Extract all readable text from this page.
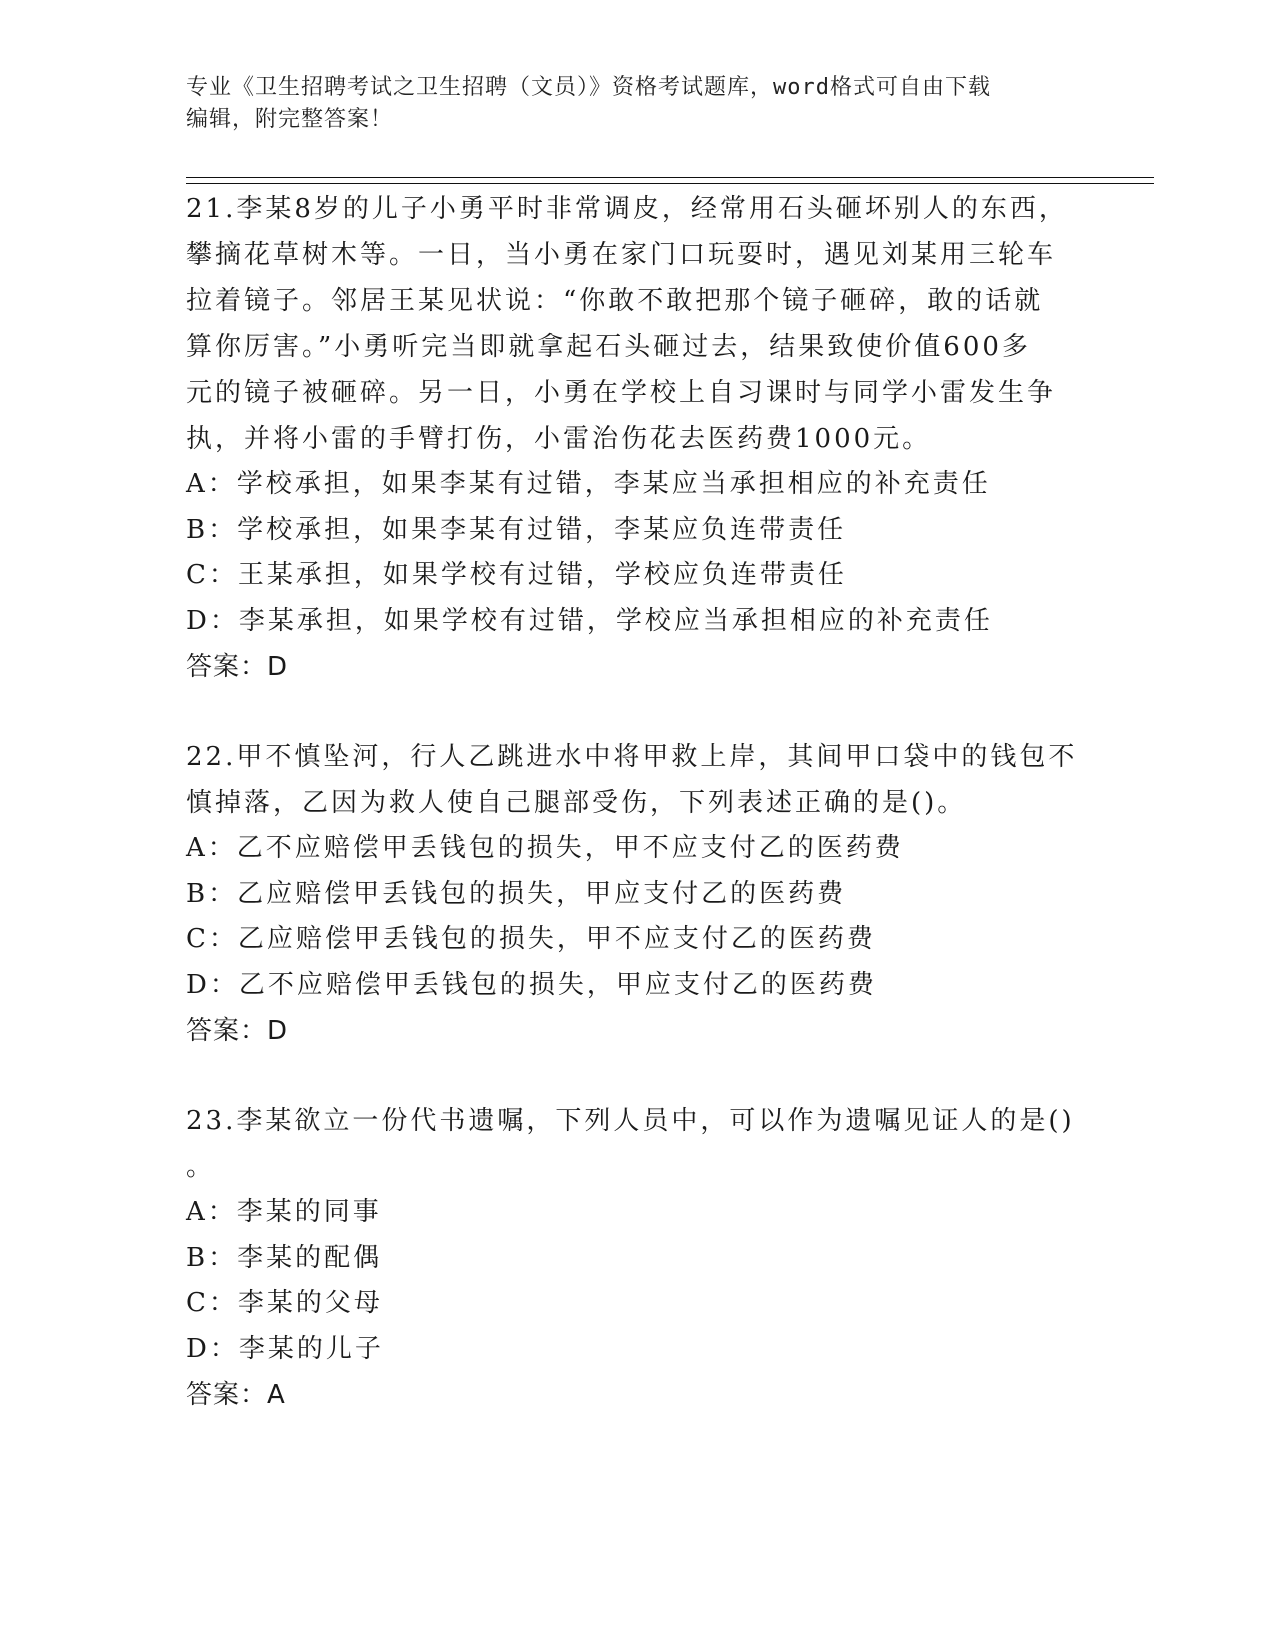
专业《卫生招聘考试之卫生招聘（文员）》资格考试题库，word格式可自由下载
编辑，附完整答案！

21.李某8岁的儿子小勇平时非常调皮，经常用石头砸坏别人的东西，

攀摘花草树木等。一日，当小勇在家门口玩耍时，遇见刘某用三轮车

拉着镜子。邻居王某见状说：“你敢不敢把那个镜子砸碎，敢的话就

算你厉害。”小勇听完当即就拿起石头砸过去，结果致使价值600多

元的镜子被砸碎。另一日，小勇在学校上自习课时与同学小雷发生争

执，并将小雷的手臂打伤，小雷治伤花去医药费1000元。

A：学校承担，如果李某有过错，李某应当承担相应的补充责任

B：学校承担，如果李某有过错，李某应负连带责任

C：王某承担，如果学校有过错，学校应负连带责任

D：李某承担，如果学校有过错，学校应当承担相应的补充责任

答案：D

22.甲不慎坠河，行人乙跳进水中将甲救上岸，其间甲口袋中的钱包不

慎掉落，乙因为救人使自己腿部受伤，下列表述正确的是()。

A：乙不应赔偿甲丢钱包的损失，甲不应支付乙的医药费

B：乙应赔偿甲丢钱包的损失，甲应支付乙的医药费

C：乙应赔偿甲丢钱包的损失，甲不应支付乙的医药费

D：乙不应赔偿甲丢钱包的损失，甲应支付乙的医药费

答案：D

23.李某欲立一份代书遗嘱，下列人员中，可以作为遗嘱见证人的是()

。

A：李某的同事

B：李某的配偶

C：李某的父母

D：李某的儿子

答案：A
